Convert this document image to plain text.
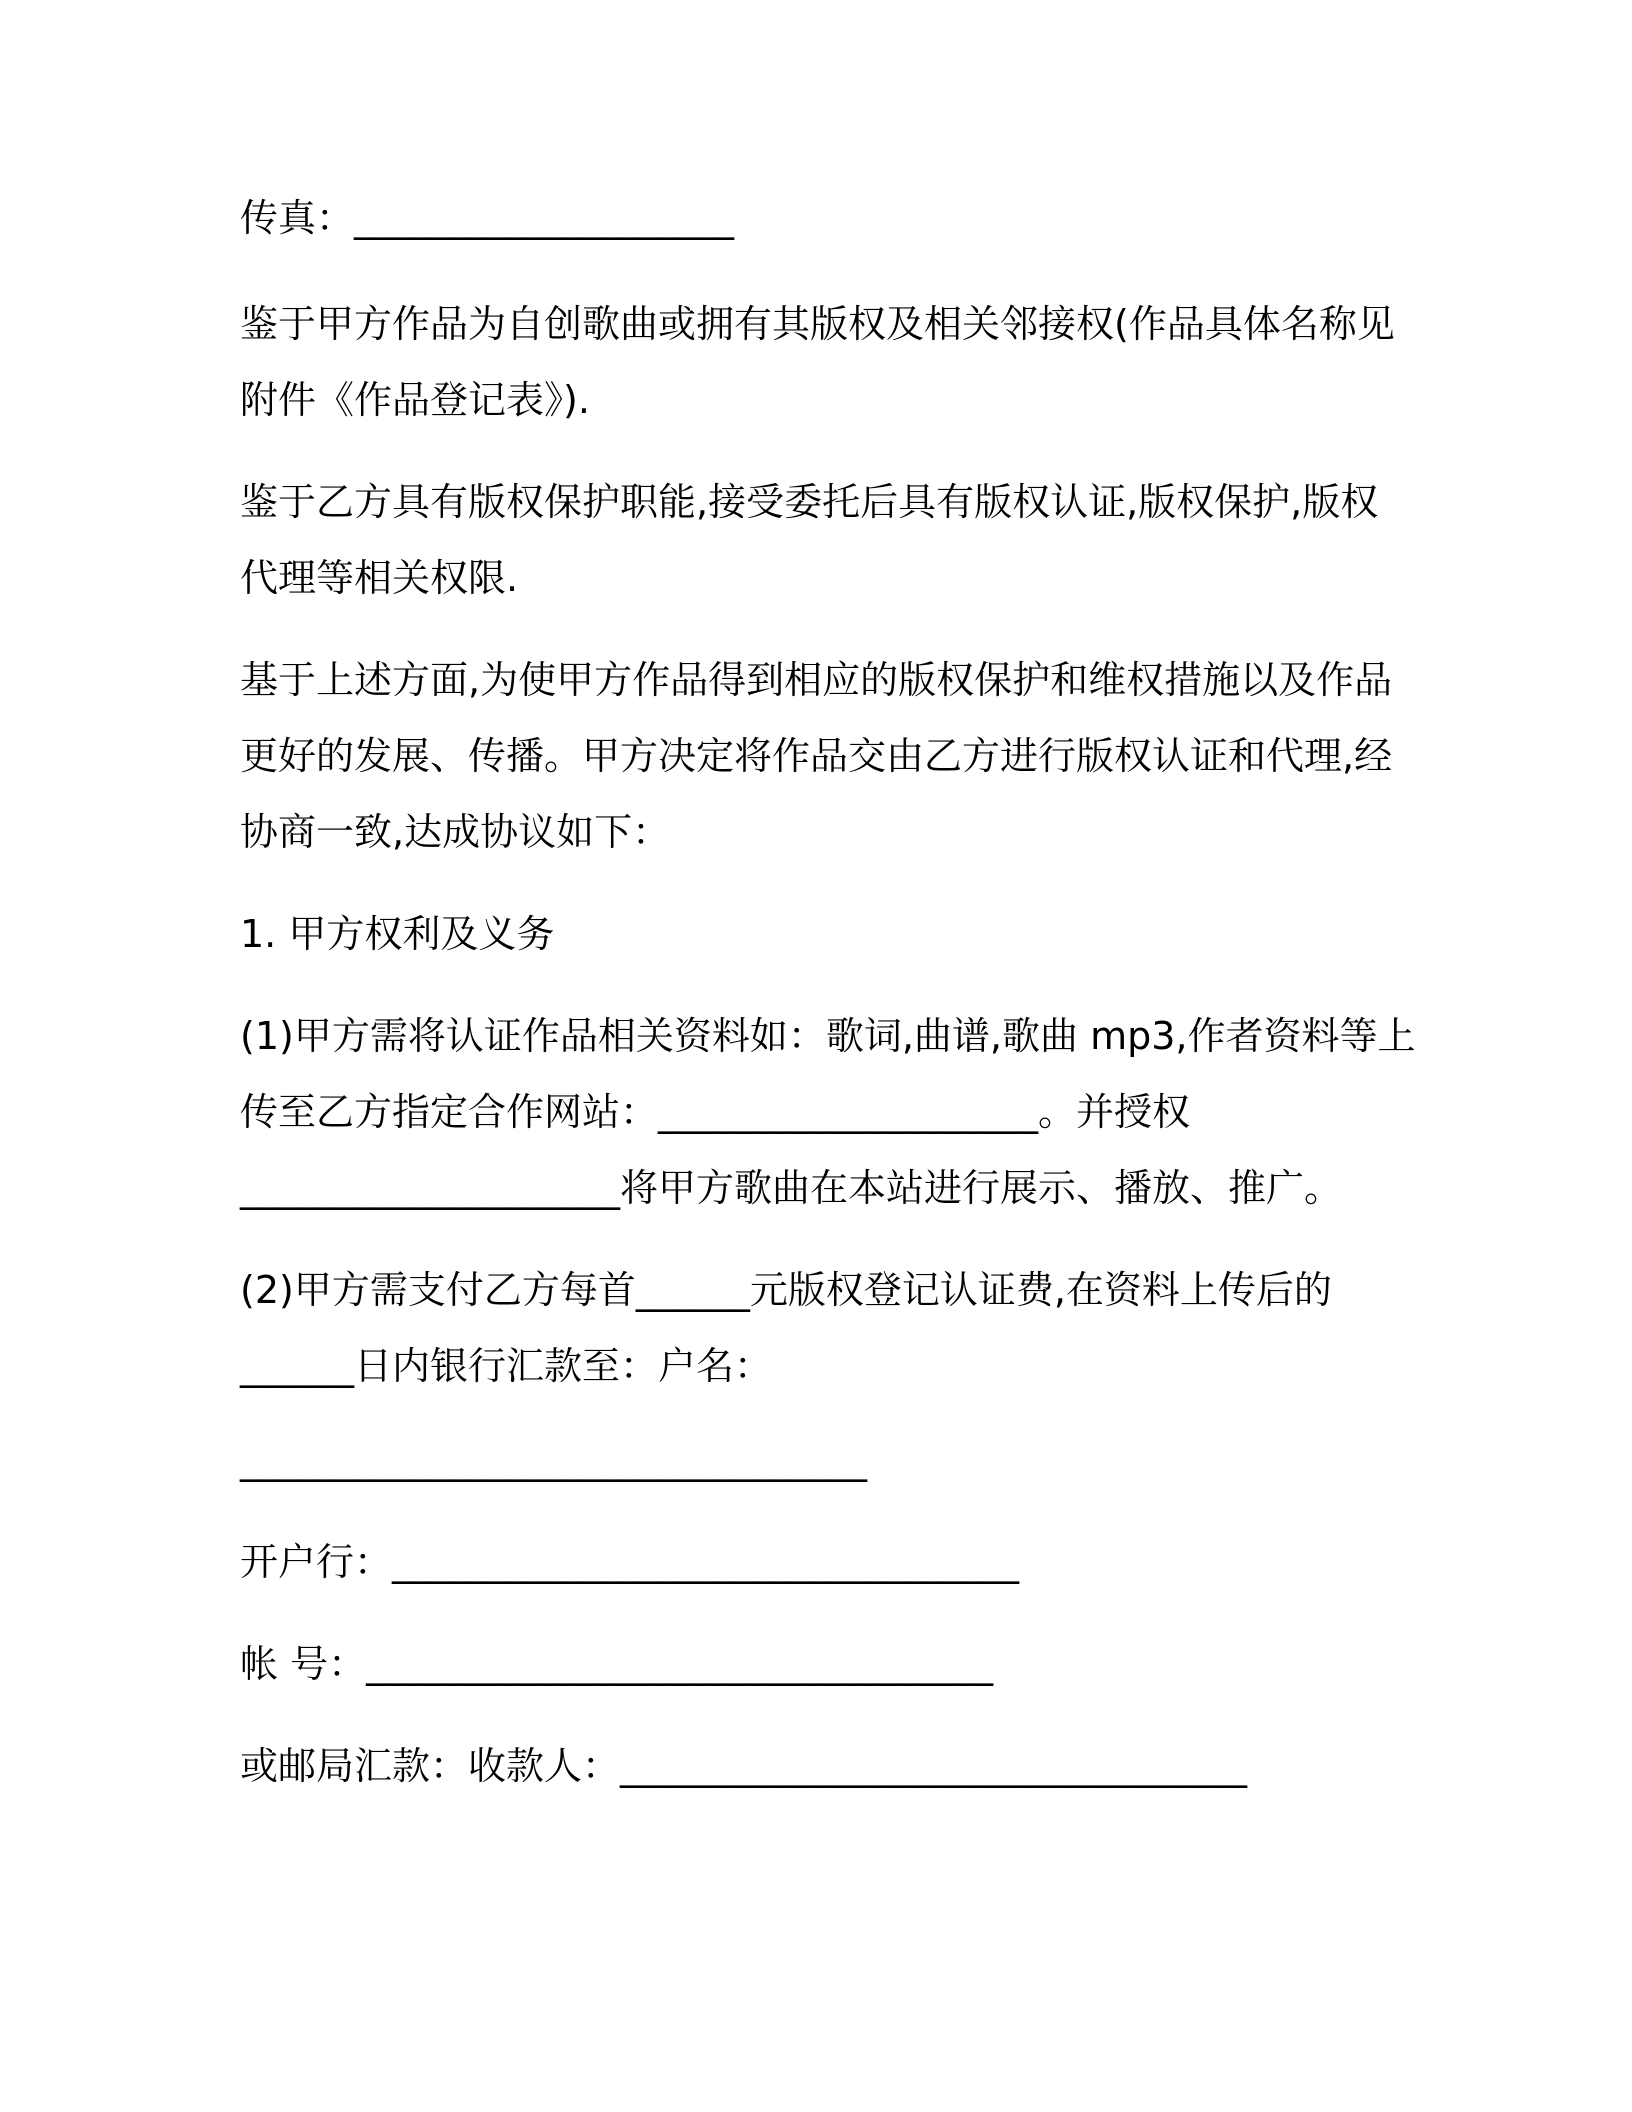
传真：____________________

鉴于甲方作品为自创歌曲或拥有其版权及相关邻接权(作品具体名称见

附件《作品登记表》).

鉴于乙方具有版权保护职能,接受委托后具有版权认证,版权保护,版权

代理等相关权限.

基于上述方面,为使甲方作品得到相应的版权保护和维权措施以及作品

更好的发展、传播。甲方决定将作品交由乙方进行版权认证和代理,经

协商一致,达成协议如下：

1. 甲方权利及义务

(1)甲方需将认证作品相关资料如：歌词,曲谱,歌曲 mp3,作者资料等上

传至乙方指定合作网站：____________________。并授权

____________________将甲方歌曲在本站进行展示、播放、推广。

(2)甲方需支付乙方每首______元版权登记认证费,在资料上传后的

______日内银行汇款至：户名：

_________________________________

开户行：_________________________________

帐 号：_________________________________

或邮局汇款：收款人：_________________________________
